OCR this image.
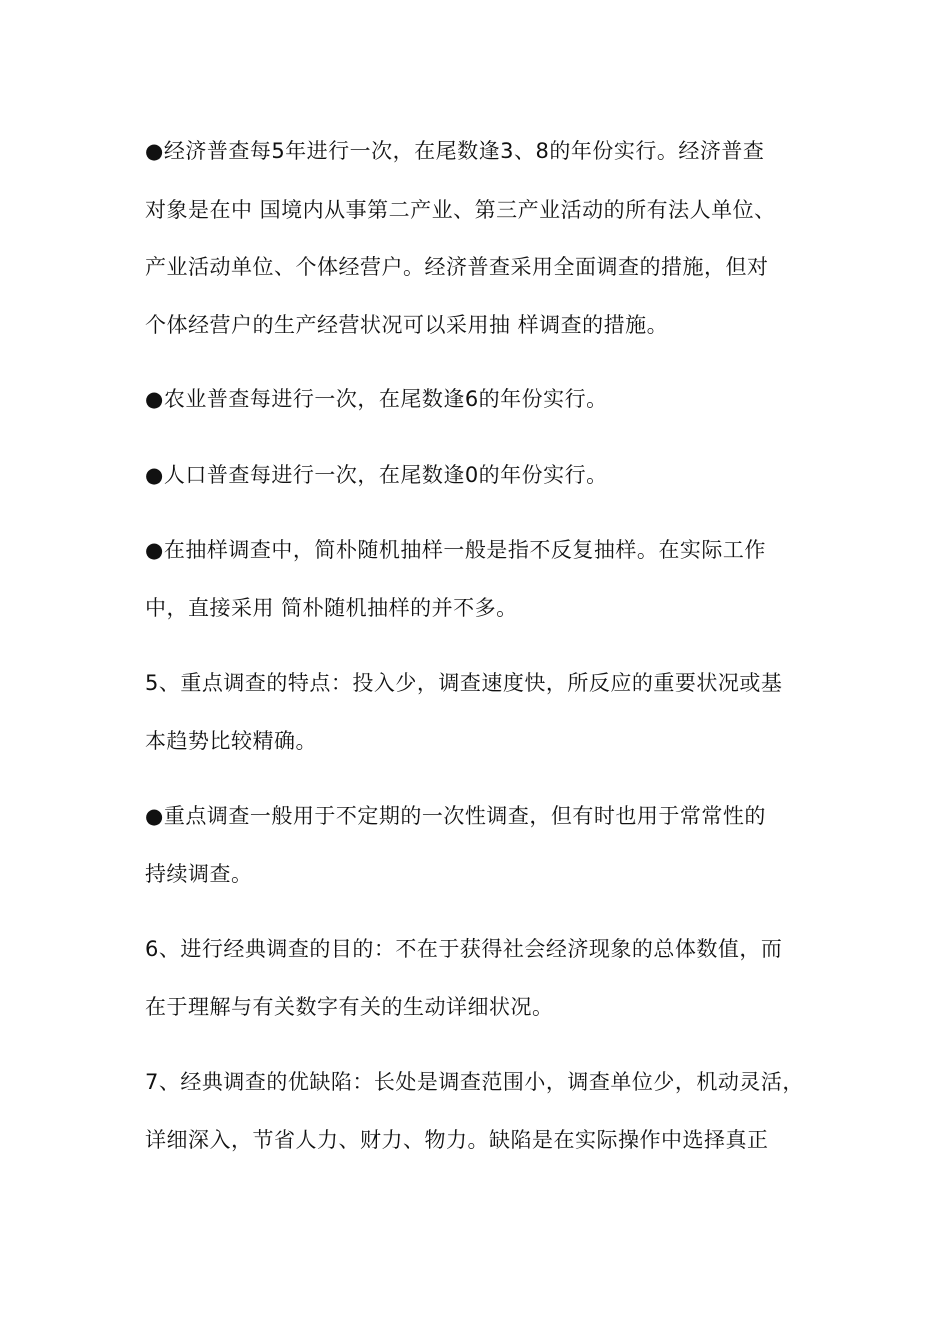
●经济普查每5年进行一次，在尾数逢3、8的年份实行。经济普查
对象是在中 国境内从事第二产业、第三产业活动的所有法人单位、
产业活动单位、个体经营户。经济普查采用全面调查的措施，但对
个体经营户的生产经营状况可以采用抽 样调查的措施。
●农业普查每进行一次，在尾数逢6的年份实行。
●人口普查每进行一次，在尾数逢0的年份实行。
●在抽样调查中，简朴随机抽样一般是指不反复抽样。在实际工作
中，直接采用 简朴随机抽样的并不多。
5、重点调查的特点：投入少，调查速度快，所反应的重要状况或基
本趋势比较精确。
●重点调查一般用于不定期的一次性调查，但有时也用于常常性的
持续调查。
6、进行经典调查的目的：不在于获得社会经济现象的总体数值，而
在于理解与有关数字有关的生动详细状况。
7、经典调查的优缺陷：长处是调查范围小，调查单位少，机动灵活，
详细深入，节省人力、财力、物力。缺陷是在实际操作中选择真正
